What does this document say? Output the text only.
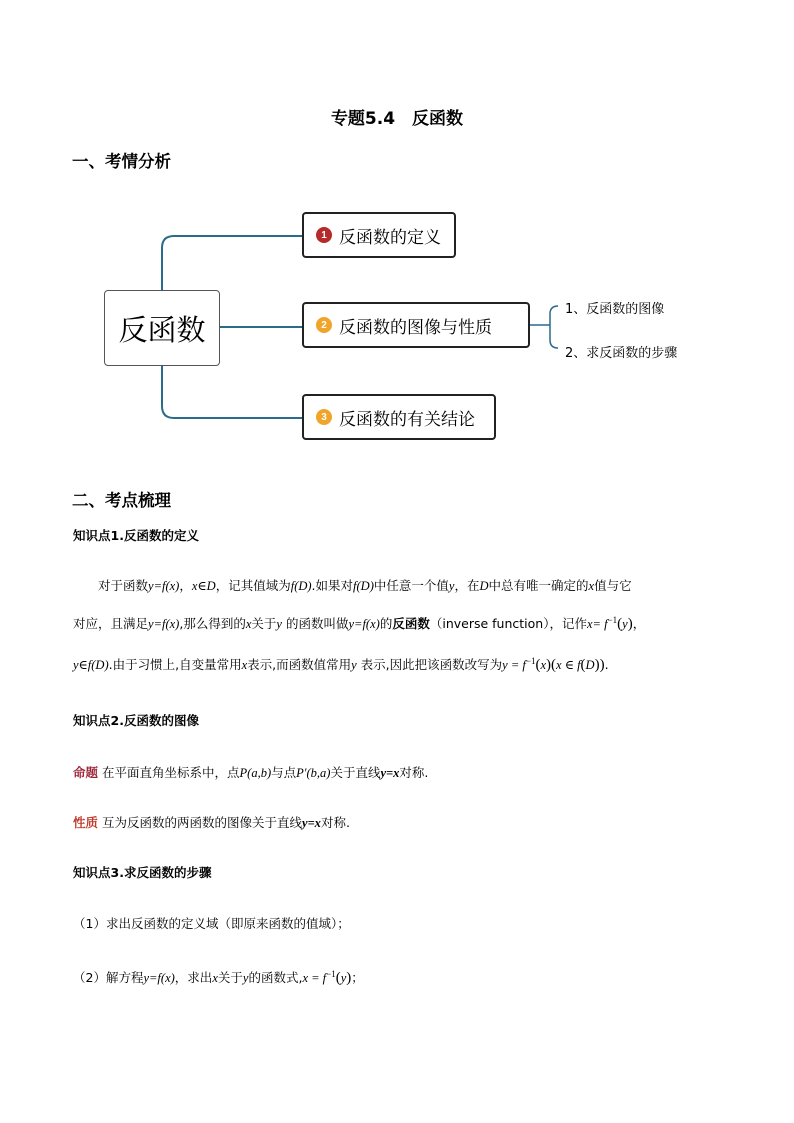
专题5.4　反函数
一、考情分析
反函数
1 反函数的定义
2 反函数的图像与性质
3 反函数的有关结论
1、反函数的图像
2、求反函数的步骤
二、考点梳理
知识点1.反函数的定义
对于函数y=f(x)，x∈D，记其值域为f(D).如果对f(D)中任意一个值y，在D中总有唯一确定的x值与它
对应，且满足y=f(x),那么得到的x关于y 的函数叫做y=f(x)的反函数（inverse function），记作$x= f^{-1}(y)$，
y∈f(D).由于习惯上,自变量常用x表示,而函数值常用y 表示,因此把该函数改写为$y = f^{-1}(x)(x$ ∈ f(D)).
知识点2.反函数的图像
命题 在平面直角坐标系中，点P(a,b)与点P′(b,a)关于直线y=x对称.
性质 互为反函数的两函数的图像关于直线y=x对称.
知识点3.求反函数的步骤
（1）求出反函数的定义域（即原来函数的值域）；
（2）解方程y=f(x)，求出x关于y的函数式$,x = f^{-1}(y)$；
